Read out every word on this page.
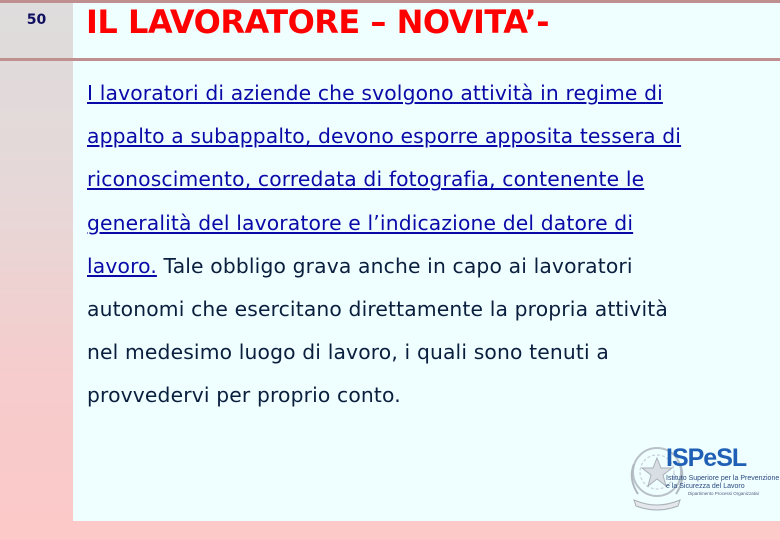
50	IL LAVORATORE – NOVITA’-
I lavoratori di aziende che svolgono attività in regime di
appalto a subappalto, devono esporre apposita tessera di
riconoscimento, corredata di fotografia, contenente le
generalità del lavoratore e l’indicazione del datore di
lavoro. Tale obbligo grava anche in capo ai lavoratori
autonomi che esercitano direttamente la propria attività
nel medesimo luogo di lavoro, i quali sono tenuti a
provvedervi per proprio conto.
ISPeSL
Istituto Superiore per la Prevenzione
e la Sicurezza del Lavoro
Dipartimento Processi Organizzativi
